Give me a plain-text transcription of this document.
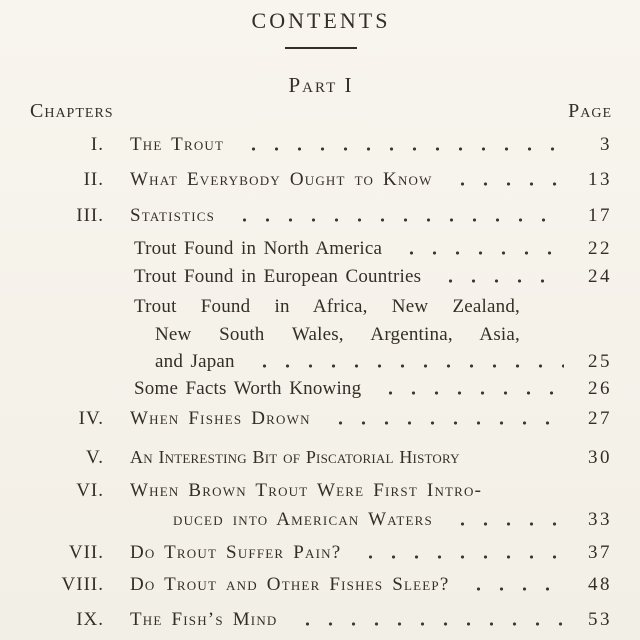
CONTENTS
Part I
Chapters	Page
I. The Trout	3
II. What Everybody Ought to Know	13
III. Statistics	17
Trout Found in North America	22
Trout Found in European Countries	24
Trout Found in Africa, New Zealand,
New South Wales, Argentina, Asia,
and Japan	25
Some Facts Worth Knowing	26
IV. When Fishes Drown	27
V. An Interesting Bit of Piscatorial History	30
VI. When Brown Trout Were First Intro-
duced into American Waters	33
VII. Do Trout Suffer Pain?	37
VIII. Do Trout and Other Fishes Sleep?	48
IX. The Fish’s Mind	53
